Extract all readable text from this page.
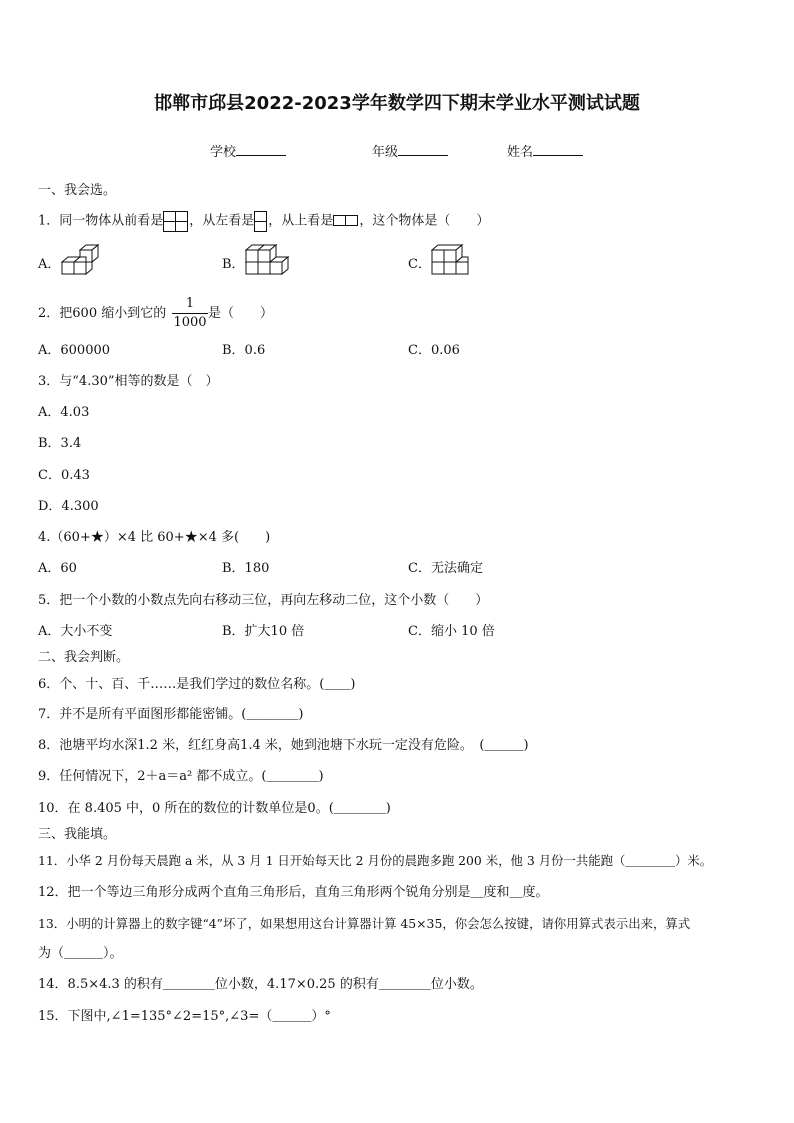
邯郸市邱县2022-2023学年数学四下期末学业水平测试试题
学校	年级	姓名
一、我会选。
1．同一物体从前看是 ，从左看是 ，从上看是 ，这个物体是（　　）
A．	B．	C．
2．把600 缩小到它的
1
1000
是（　　）
A．600000	B．0.6	C．0.06
3．与“4.30”相等的数是（　）
A．4.03
B．3.4
C．0.43
D．4.300
4.（60+★）×4 比 60+★×4 多(　　)
A．60	B．180	C．无法确定
5．把一个小数的小数点先向右移动三位，再向左移动二位，这个小数（　　）
A．大小不变	B．扩大10 倍	C．缩小 10 倍
二、我会判断。
6．个、十、百、千……是我们学过的数位名称。(＿＿)
7．并不是所有平面图形都能密铺。(＿＿＿＿)
8．池塘平均水深1.2 米，红红身高1.4 米，她到池塘下水玩一定没有危险。　(＿＿＿)
9．任何情况下，2＋a＝a² 都不成立。(＿＿＿＿)
10．在 8.405 中，0 所在的数位的计数单位是0。(＿＿＿＿)
三、我能填。
11．小华 2 月份每天晨跑 a 米，从 3 月 1 日开始每天比 2 月份的晨跑多跑 200 米，他 3 月份一共能跑（＿＿＿＿）米。
12．把一个等边三角形分成两个直角三角形后，直角三角形两个锐角分别是＿度和＿度。
13．小明的计算器上的数字键“4”坏了，如果想用这台计算器计算 45×35，你会怎么按键，请你用算式表示出来，算式
为（＿＿＿）。
14．8.5×4.3 的积有＿＿＿＿位小数，4.17×0.25 的积有＿＿＿＿位小数。
15．下图中,∠1=135°∠2=15°,∠3=（＿＿＿）°
